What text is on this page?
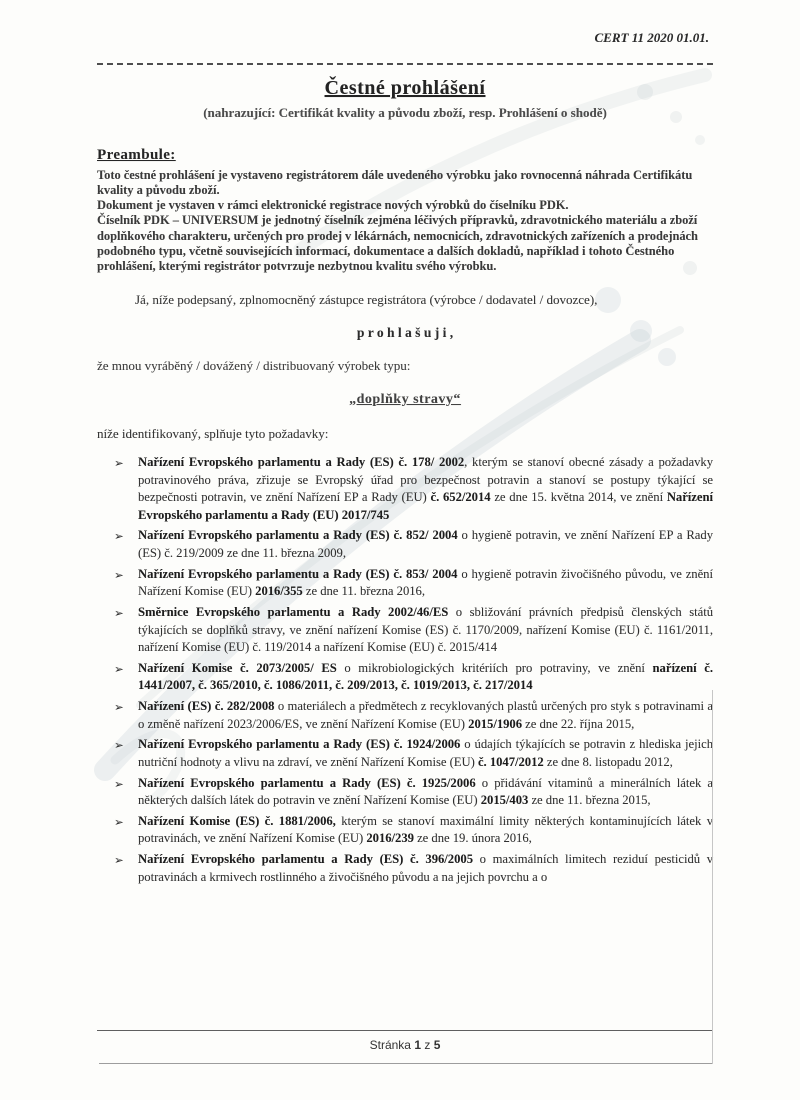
CERT 11 2020 01.01.
Čestné prohlášení
(nahrazující: Certifikát kvality a původu zboží, resp. Prohlášení o shodě)
Preambule:

Toto čestné prohlášení je vystaveno registrátorem dále uvedeného výrobku jako rovnocenná náhrada Certifikátu kvality a původu zboží.

Dokument je vystaven v rámci elektronické registrace nových výrobků do číselníku PDK.

Číselník PDK – UNIVERSUM je jednotný číselník zejména léčivých přípravků, zdravotnického materiálu a zboží doplňkového charakteru, určených pro prodej v lékárnách, nemocnicích, zdravotnických zařízeních a prodejnách podobného typu, včetně souvisejících informací, dokumentace a dalších dokladů, například i tohoto Čestného prohlášení, kterými registrátor potvrzuje nezbytnou kvalitu svého výrobku.

Já, níže podepsaný, zplnomocněný zástupce registrátora (výrobce / dodavatel / dovozce),

p r o h l a š u j i ,

že mnou vyráběný / dovážený / distribuovaný výrobek typu:

„doplňky stravy“

níže identifikovaný, splňuje tyto požadavky:

➢ Nařízení Evropského parlamentu a Rady (ES) č. 178/ 2002, kterým se stanoví obecné zásady a požadavky potravinového práva, zřizuje se Evropský úřad pro bezpečnost potravin a stanoví se postupy týkající se bezpečnosti potravin, ve znění Nařízení EP a Rady (EU) č. 652/2014 ze dne 15. května 2014, ve znění Nařízení Evropského parlamentu a Rady (EU) 2017/745
➢ Nařízení Evropského parlamentu a Rady (ES) č. 852/ 2004 o hygieně potravin, ve znění Nařízení EP a Rady (ES) č. 219/2009 ze dne 11. března 2009,
➢ Nařízení Evropského parlamentu a Rady (ES) č. 853/ 2004 o hygieně potravin živočišného původu, ve znění Nařízení Komise (EU) 2016/355 ze dne 11. března 2016,
➢ Směrnice Evropského parlamentu a Rady 2002/46/ES o sbližování právních předpisů členských států týkajících se doplňků stravy, ve znění nařízení Komise (ES) č. 1170/2009, nařízení Komise (EU) č. 1161/2011, nařízení Komise (EU) č. 119/2014 a nařízení Komise (EU) č. 2015/414
➢ Nařízení Komise č. 2073/2005/ ES o mikrobiologických kritériích pro potraviny, ve znění nařízení č. 1441/2007, č. 365/2010, č. 1086/2011, č. 209/2013, č. 1019/2013, č. 217/2014
➢ Nařízení (ES) č. 282/2008 o materiálech a předmětech z recyklovaných plastů určených pro styk s potravinami a o změně nařízení 2023/2006/ES, ve znění Nařízení Komise (EU) 2015/1906 ze dne 22. října 2015,
➢ Nařízení Evropského parlamentu a Rady (ES) č. 1924/2006 o údajích týkajících se potravin z hlediska jejich nutriční hodnoty a vlivu na zdraví, ve znění Nařízení Komise (EU) č. 1047/2012 ze dne 8. listopadu 2012,
➢ Nařízení Evropského parlamentu a Rady (ES) č. 1925/2006 o přidávání vitaminů a minerálních látek a některých dalších látek do potravin ve znění Nařízení Komise (EU) 2015/403 ze dne 11. března 2015,
➢ Nařízení Komise (ES) č. 1881/2006, kterým se stanoví maximální limity některých kontaminujících látek v potravinách, ve znění Nařízení Komise (EU) 2016/239 ze dne 19. února 2016,
➢ Nařízení Evropského parlamentu a Rady (ES) č. 396/2005 o maximálních limitech reziduí pesticidů v potravinách a krmivech rostlinného a živočišného původu a na jejich povrchu a o
Stránka 1 z 5
